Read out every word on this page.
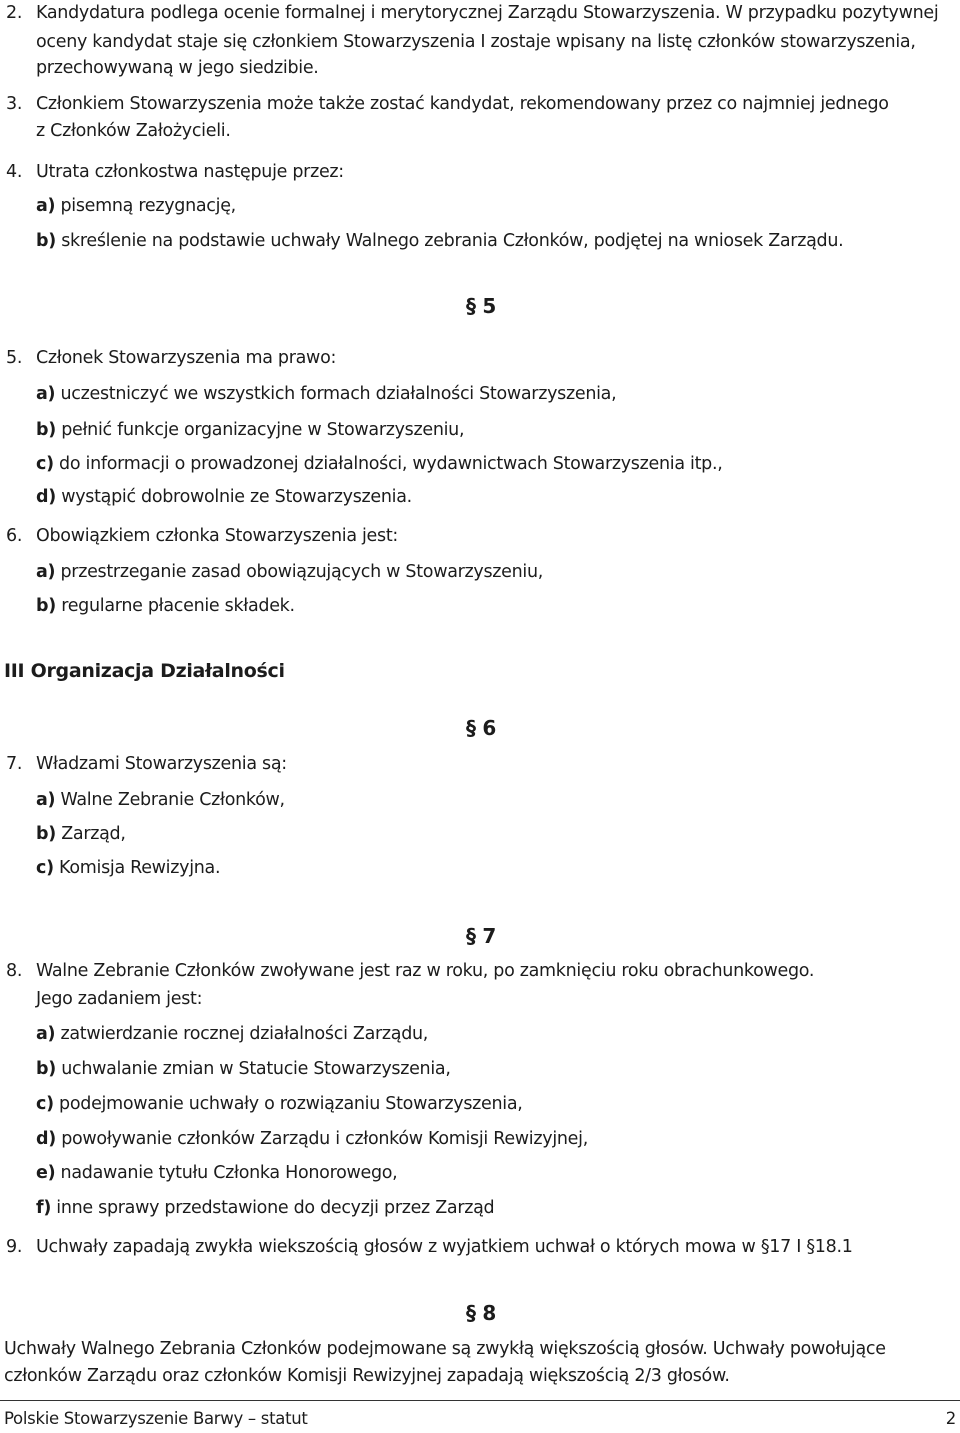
2. Kandydatura podlega ocenie formalnej i merytorycznej Zarządu Stowarzyszenia. W przypadku pozytywnej
oceny kandydat staje się członkiem Stowarzyszenia I zostaje wpisany na listę członków stowarzyszenia,
przechowywaną w jego siedzibie.
3. Członkiem Stowarzyszenia może także zostać kandydat, rekomendowany przez co najmniej jednego
z Członków Założycieli.
4. Utrata członkostwa następuje przez:
a) pisemną rezygnację,
b) skreślenie na podstawie uchwały Walnego zebrania Członków, podjętej na wniosek Zarządu.
§ 5
5. Członek Stowarzyszenia ma prawo:
a) uczestniczyć we wszystkich formach działalności Stowarzyszenia,
b) pełnić funkcje organizacyjne w Stowarzyszeniu,
c) do informacji o prowadzonej działalności, wydawnictwach Stowarzyszenia itp.,
d) wystąpić dobrowolnie ze Stowarzyszenia.
6. Obowiązkiem członka Stowarzyszenia jest:
a) przestrzeganie zasad obowiązujących w Stowarzyszeniu,
b) regularne płacenie składek.
III Organizacja Działalności
§ 6
7. Władzami Stowarzyszenia są:
a) Walne Zebranie Członków,
b) Zarząd,
c) Komisja Rewizyjna.
§ 7
8. Walne Zebranie Członków zwoływane jest raz w roku, po zamknięciu roku obrachunkowego.
Jego zadaniem jest:
a) zatwierdzanie rocznej działalności Zarządu,
b) uchwalanie zmian w Statucie Stowarzyszenia,
c) podejmowanie uchwały o rozwiązaniu Stowarzyszenia,
d) powoływanie członków Zarządu i członków Komisji Rewizyjnej,
e) nadawanie tytułu Członka Honorowego,
f) inne sprawy przedstawione do decyzji przez Zarząd
9. Uchwały zapadają zwykła wiekszością głosów z wyjatkiem uchwał o których mowa w §17 I §18.1
§ 8
Uchwały Walnego Zebrania Członków podejmowane są zwykłą większością głosów. Uchwały powołujące
członków Zarządu oraz członków Komisji Rewizyjnej zapadają większością 2/3 głosów.
Polskie Stowarzyszenie Barwy – statut	2
